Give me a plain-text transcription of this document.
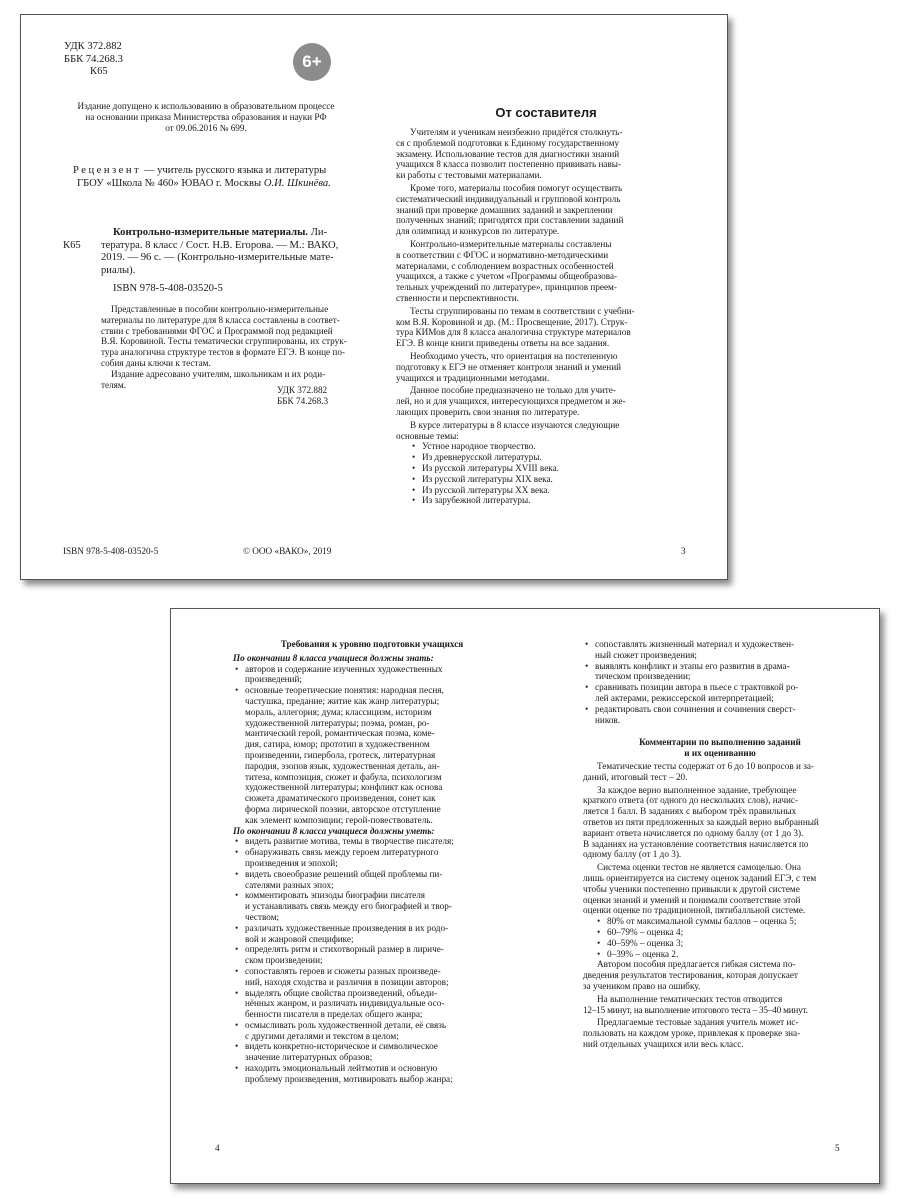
УДК 372.882

ББК 74.268.3

К65

6+

Издание допущено к использованию в образовательном процессе

на основании приказа Министерства образования и науки РФ

от 09.06.2016 № 699.

Рецензент — учитель русского языка и литературы

ГБОУ «Школа № 460» ЮВАО г. Москвы О.И. Шкинёва.

Контрольно-измерительные материалы. Ли-

К65 тература. 8 класс / Сост. Н.В. Егорова. — М.: ВАКО,

2019. — 96 с. — (Контрольно-измерительные мате-

риалы).

ISBN 978-5-408-03520-5

Представленные в пособии контрольно-измерительные

материалы по литературе для 8 класса составлены в соответ-

ствии с требованиями ФГОС и Программой под редакцией

В.Я. Коровиной. Тесты тематически сгруппированы, их струк-

тура аналогична структуре тестов в формате ЕГЭ. В конце по-

собия даны ключи к тестам.

Издание адресовано учителям, школьникам и их роди-

телям.

УДК 372.882

ББК 74.268.3

ISBN 978-5-408-03520-5	© ООО «ВАКО», 2019	3
От составителя

Учителям и ученикам неизбежно придётся столкнуть-

ся с проблемой подготовки к Единому государственному

экзамену. Использование тестов для диагностики знаний

учащихся 8 класса позволит постепенно прививать навы-

ки работы с тестовыми материалами.

Кроме того, материалы пособия помогут осуществить

систематический индивидуальный и групповой контроль

знаний при проверке домашних заданий и закреплении

полученных знаний; пригодятся при составлении заданий

для олимпиад и конкурсов по литературе.

Контрольно-измерительные материалы составлены

в соответствии с ФГОС и нормативно-методическими

материалами, с соблюдением возрастных особенностей

учащихся, а также с учетом «Программы общеобразова-

тельных учреждений по литературе», принципов преем-

ственности и перспективности.

Тесты сгруппированы по темам в соответствии с учебни-

ком В.Я. Коровиной и др. (М.: Просвещение, 2017). Струк-

тура КИМов для 8 класса аналогична структуре материалов

ЕГЭ. В конце книги приведены ответы на все задания.

Необходимо учесть, что ориентация на постепенную

подготовку к ЕГЭ не отменяет контроля знаний и умений

учащихся и традиционными методами.

Данное пособие предназначено не только для учите-

лей, но и для учащихся, интересующихся предметом и же-

лающих проверить свои знания по литературе.

В курсе литературы в 8 классе изучаются следующие

основные темы:

• Устное народное творчество.
• Из древнерусской литературы.
• Из русской литературы XVIII века.
• Из русской литературы XIX века.
• Из русской литературы XX века.
• Из зарубежной литературы.

Требования к уровню подготовки учащихся

По окончании 8 класса учащиеся должны знать:

• авторов и содержание изученных художественных

произведений;

• основные теоретические понятия: народная песня,

частушка, предание; житие как жанр литературы;

мораль, аллегория; дума; классицизм, историзм

художественной литературы; поэма, роман, ро-

мантический герой, романтическая поэма, коме-

дия, сатира, юмор; прототип в художественном

произведении, гипербола, гротеск, литературная

пародия, эзопов язык, художественная деталь, ан-

титеза, композиция, сюжет и фабула, психологизм

художественной литературы; конфликт как основа

сюжета драматического произведения, сонет как

форма лирической поэзии, авторское отступление

как элемент композиции; герой-повествователь.

По окончании 8 класса учащиеся должны уметь:

• видеть развитие мотива, темы в творчестве писателя;

• обнаруживать связь между героем литературного

произведения и эпохой;

• видеть своеобразие решений общей проблемы пи-

сателями разных эпох;

• комментировать эпизоды биографии писателя

и устанавливать связь между его биографией и твор-

чеством;

• различать художественные произведения в их родо-

вой и жанровой специфике;

• определять ритм и стихотворный размер в лириче-

ском произведении;

• сопоставлять героев и сюжеты разных произведе-

ний, находя сходства и различия в позиции авторов;

• выделять общие свойства произведений, объеди-

нённых жанром, и различать индивидуальные осо-

бенности писателя в пределах общего жанра;

• осмысливать роль художественной детали, её связь

с другими деталями и текстом в целом;

• видеть конкретно-историческое и символическое

значение литературных образов;

• находить эмоциональный лейтмотив и основную

проблему произведения, мотивировать выбор жанра;

4

• сопоставлять жизненный материал и художествен-

ный сюжет произведения;

• выявлять конфликт и этапы его развития в драма-

тическом произведении;

• сравнивать позиции автора в пьесе с трактовкой ро-

лей актерами, режиссерской интерпретацией;

• редактировать свои сочинения и сочинения сверст-

ников.

Комментарии по выполнению заданий

и их оцениванию

Тематические тесты содержат от 6 до 10 вопросов и за-

даний, итоговый тест – 20.

За каждое верно выполненное задание, требующее

краткого ответа (от одного до нескольких слов), начис-

ляется 1 балл. В заданиях с выбором трёх правильных

ответов из пяти предложенных за каждый верно выбранный

вариант ответа начисляется по одному баллу (от 1 до 3).

В заданиях на установление соответствия начисляется по

одному баллу (от 1 до 3).

Система оценки тестов не является самоцелью. Она

лишь ориентируется на систему оценок заданий ЕГЭ, с тем

чтобы ученики постепенно привыкли к другой системе

оценки знаний и умений и понимали соответствие этой

оценки оценке по традиционной, пятибалльной системе.

• 80% от максимальной суммы баллов – оценка 5;
• 60–79% – оценка 4;
• 40–59% – оценка 3;
• 0–39% – оценка 2.

Автором пособия предлагается гибкая система по-

дведения результатов тестирования, которая допускает

за учеником право на ошибку.

На выполнение тематических тестов отводится

12–15 минут, на выполнение итогового теста – 35–40 минут.

Предлагаемые тестовые задания учитель может ис-

пользовать на каждом уроке, привлекая к проверке зна-

ний отдельных учащихся или весь класс.

5
